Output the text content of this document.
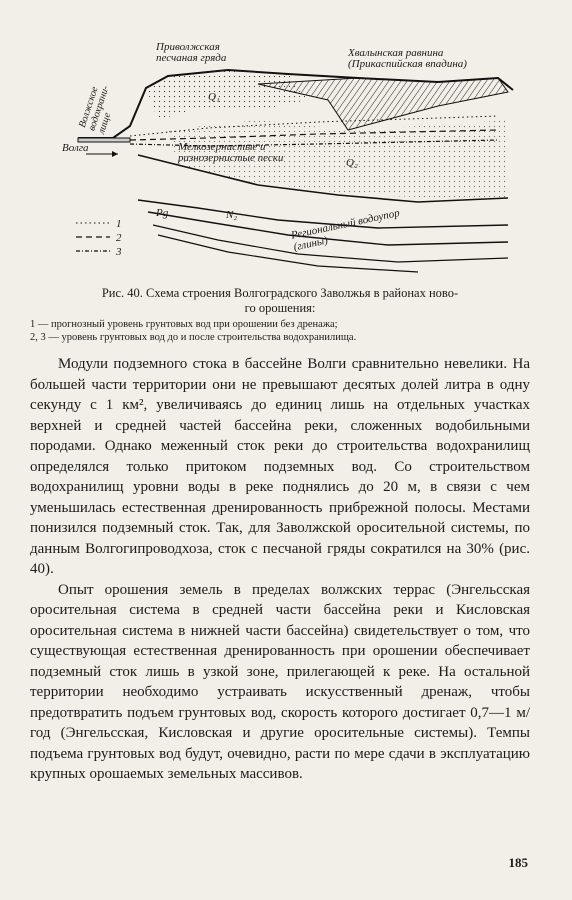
Приволжская
песчаная гряда	Хвалынская равнина
(Прикаспийская впадина)
Волжское
водохрани-
лище
Волга	Мелкозернистые и
разнозернистые пески
Q₁
Q₂
Pg	N₂	Региональный водоупор
(глины)
1
2
3
Рис. 40. Схема строения Волгоградского Заволжья в районах ново-
го орошения:
1 — прогнозный уровень грунтовых вод при орошении без дренажа;
2, 3 — уровень грунтовых вод до и после строительства водохранилища.

Модули подземного стока в бассейне Волги сравнительно невелики. На большей части территории они не превышают десятых долей литра в одну секунду с 1 км², увеличиваясь до единиц лишь на отдельных участках верхней и средней частей бассейна реки, сложенных водобильными породами. Однако меженный сток реки до строительства водохранилищ определялся только притоком подземных вод. Со строительством водохранилищ уровни воды в реке поднялись до 20 м, в связи с чем уменьшилась естественная дренированность прибрежной полосы. Местами понизился подземный сток. Так, для Заволжской оросительной системы, по данным Волгогипроводхоза, сток с песчаной гряды сократился на 30% (рис. 40).

Опыт орошения земель в пределах волжских террас (Энгельсская оросительная система в средней части бассейна реки и Кисловская оросительная система в нижней части бассейна) свидетельствует о том, что существующая естественная дренированность при орошении обеспечивает подземный сток лишь в узкой зоне, прилегающей к реке. На остальной территории необходимо устраивать искусственный дренаж, чтобы предотвратить подъем грунтовых вод, скорость которого достигает 0,7—1 м/год (Энгельсская, Кисловская и другие оросительные системы). Темпы подъема грунтовых вод будут, очевидно, расти по мере сдачи в эксплуатацию крупных орошаемых земельных массивов.

185
